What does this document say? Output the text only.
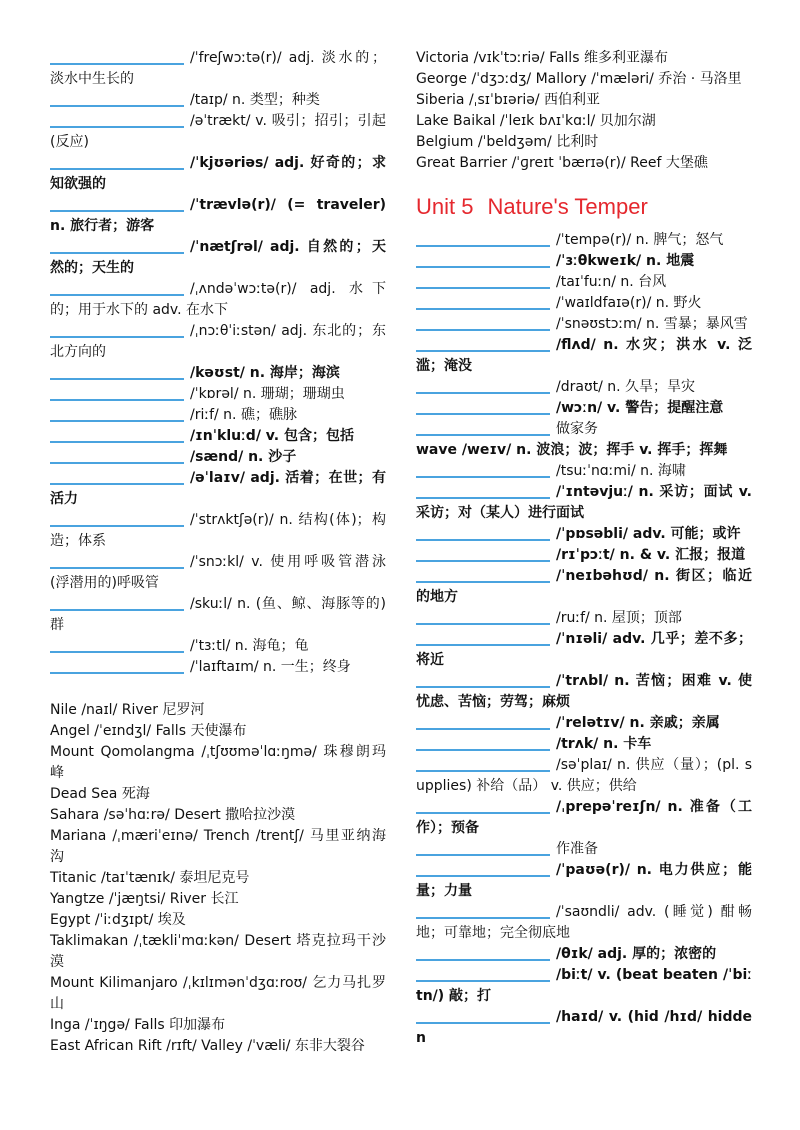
/ˈfreʃwɔːtə(r)/ adj. 淡水的；淡水中生长的
/taɪp/ n. 类型；种类
/əˈtrækt/ v. 吸引；招引；引起(反应)
/ˈkjʊəriəs/ adj. 好奇的；求知欲强的
/ˈtrævlə(r)/ (= traveler) n. 旅行者；游客
/ˈnætʃrəl/ adj. 自然的；天然的；天生的
/ˌʌndəˈwɔːtə(r)/ adj. 水下的；用于水下的 adv. 在水下
/ˌnɔːθˈiːstən/ adj. 东北的；东北方向的
/kəʊst/ n. 海岸；海滨
/ˈkɒrəl/ n. 珊瑚；珊瑚虫
/riːf/ n. 礁；礁脉
/ɪnˈkluːd/ v. 包含；包括
/sænd/ n. 沙子
/əˈlaɪv/ adj. 活着；在世；有活力
/ˈstrʌktʃə(r)/ n. 结构(体)；构造；体系
/ˈsnɔːkl/ v. 使用呼吸管潜泳 (浮潜用的)呼吸管
/skuːl/ n. (鱼、鲸、海豚等的)群
/ˈtɜːtl/ n. 海龟；龟
/ˈlaɪftaɪm/ n. 一生；终身
Nile /naɪl/ River 尼罗河
Angel /ˈeɪndʒl/ Falls 天使瀑布
Mount Qomolangma /ˌtʃʊʊməˈlɑːŋmə/ 珠穆朗玛峰
Dead Sea 死海
Sahara /səˈhɑːrə/ Desert 撒哈拉沙漠
Mariana /ˌmæriˈeɪnə/ Trench /trentʃ/ 马里亚纳海沟
Titanic /taɪˈtænɪk/ 泰坦尼克号
Yangtze /ˈjæŋtsi/ River 长江
Egypt /ˈiːdʒɪpt/ 埃及
Taklimakan /ˌtækliˈmɑːkən/ Desert 塔克拉玛干沙漠
Mount Kilimanjaro /ˌkɪlɪmənˈdʒɑːroʊ/ 乞力马扎罗山
Inga /ˈɪŋgə/ Falls 印加瀑布
East African Rift /rɪft/ Valley /ˈvæli/ 东非大裂谷
Victoria /vɪkˈtɔːriə/ Falls 维多利亚瀑布
George /ˈdʒɔːdʒ/ Mallory /ˈmæləri/ 乔治 · 马洛里
Siberia /ˌsɪˈbɪəriə/ 西伯利亚
Lake Baikal /ˈleɪk bʌɪˈkɑːl/ 贝加尔湖
Belgium /ˈbeldʒəm/ 比利时
Great Barrier /ˈɡreɪt ˈbærɪə(r)/ Reef 大堡礁
Unit 5 Nature's Temper
/ˈtempə(r)/ n. 脾气；怒气
/ˈɜːθkweɪk/ n. 地震
/taɪˈfuːn/ n. 台风
/ˈwaɪldfaɪə(r)/ n. 野火
/ˈsnəʊstɔːm/ n. 雪暴；暴风雪
/flʌd/ n. 水灾；洪水 v. 泛滥；淹没
/draʊt/ n. 久旱；旱灾
/wɔːn/ v. 警告；提醒注意
做家务
wave /weɪv/ n. 波浪；波；挥手 v. 挥手；挥舞
/tsuːˈnɑːmi/ n. 海啸
/ˈɪntəvjuː/ n. 采访；面试 v. 采访；对（某人）进行面试
/ˈpɒsəbli/ adv. 可能；或许
/rɪˈpɔːt/ n. & v. 汇报；报道
/ˈneɪbəhʊd/ n. 街区；临近的地方
/ruːf/ n. 屋顶；顶部
/ˈnɪəli/ adv. 几乎；差不多；将近
/ˈtrʌbl/ n. 苦恼；困难 v. 使忧虑、苦恼；劳驾；麻烦
/ˈrelətɪv/ n. 亲戚；亲属
/trʌk/ n. 卡车
/səˈplaɪ/ n. 供应（量）；(pl. supplies) 补给（品） v. 供应；供给
/ˌprepəˈreɪʃn/ n. 准备（工作）；预备
作准备
/ˈpaʊə(r)/ n. 电力供应；能量；力量
/ˈsaʊndli/ adv. (睡觉) 酣畅地；可靠地；完全彻底地
/θɪk/ adj. 厚的；浓密的
/biːt/ v. (beat beaten /ˈbiːtn/) 敲；打
/haɪd/ v. (hid /hɪd/ hidden
